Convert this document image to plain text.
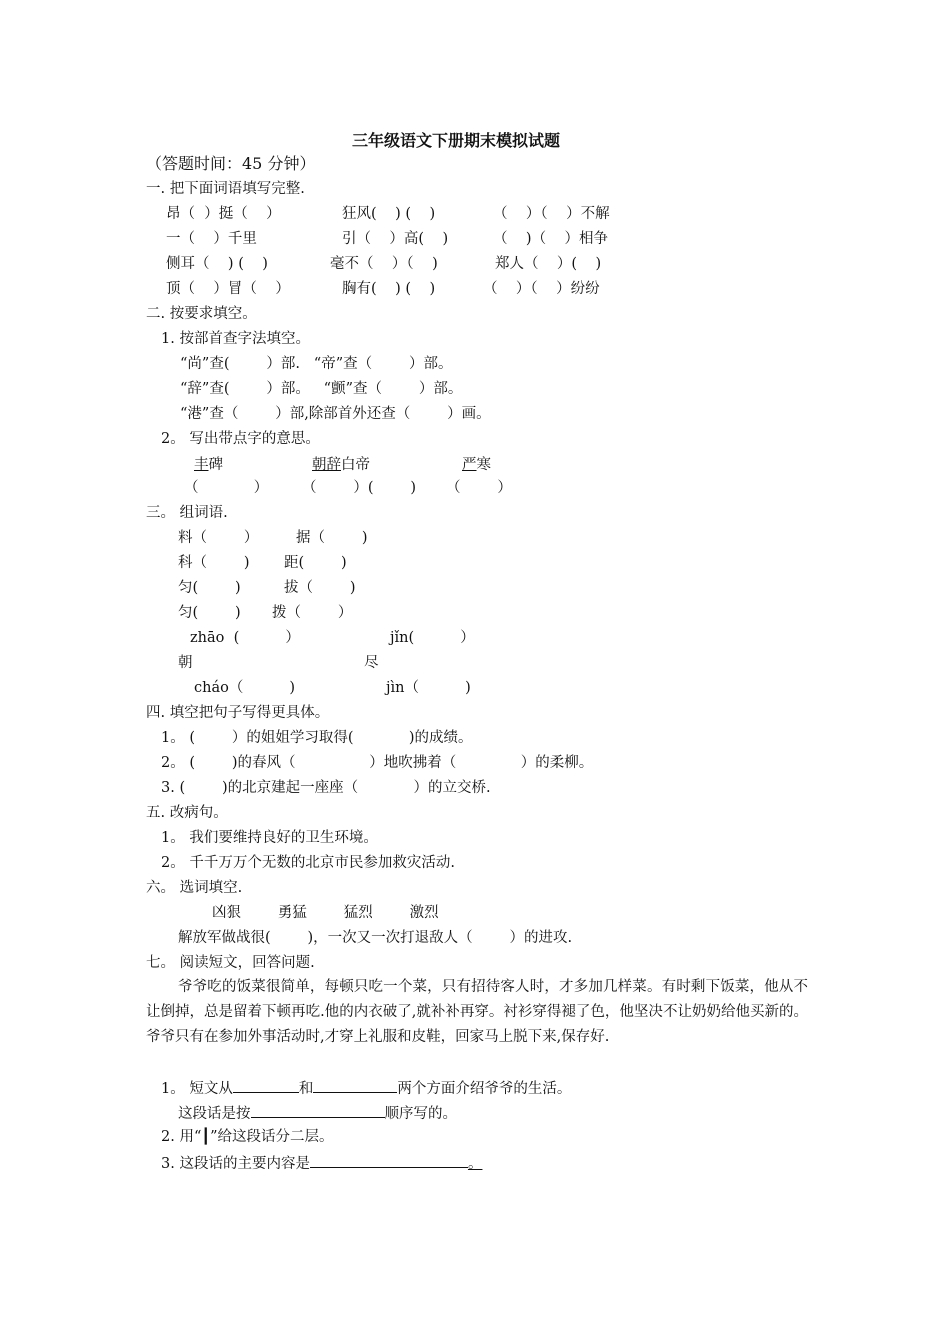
三年级语文下册期末模拟试题
（答题时间：45 分钟）
一. 把下面词语填写完整.
昂（  ）挺（    ）	狂风(    ) (    )	（    ）（    ）不解
一（    ）千里	引（    ）高(    )	（    )（    ）相争
侧耳（    ) (    )	毫不（    ）（    )	郑人（    ）(    )
顶（    ）冒（    ）	胸有(    ) (    )	（    ）（    ）纷纷
二. 按要求填空。
1. 按部首查字法填空。
“尚”查(        ）部.   “帝”查（        ）部。
“辞”查(        ）部。   “颤”查（        ）部。
“港”查（        ）部,除部首外还查（        ）画。
2。 写出带点字的意思。
丰碑	朝辞白帝	严寒
（            ） （        ）(        ) （        ）
三。 组词语.
料（        ）	据（        )
科（        ) 距(        )
匀(        )	拔（        )
匀(        ) 拨（        ）
zhāo  (          ）	jǐn(          ）
朝	尽
cháo（          )	jìn（          )
四. 填空把句子写得更具体。
1。 (        ）的姐姐学习取得(            )的成绩。
2。 (        )的春风（                ）地吹拂着（              ）的柔柳。
3. (        )的北京建起一座座（            ）的立交桥.
五. 改病句。
1。 我们要维持良好的卫生环境。
2。 千千万万个无数的北京市民参加救灾活动.
六。 选词填空.
凶狠        勇猛        猛烈        激烈
解放军做战很(        )，一次又一次打退敌人（        ）的进攻.
七。 阅读短文，回答问题.
爷爷吃的饭菜很简单，每顿只吃一个菜，只有招待客人时，才多加几样菜。有时剩下饭菜，他从不让倒掉，总是留着下顿再吃.他的内衣破了,就补补再穿。衬衫穿得褪了色，他坚决不让奶奶给他买新的。爷爷只有在参加外事活动时,才穿上礼服和皮鞋，回家马上脱下来,保存好.
1。 短文从	和	两个方面介绍爷爷的生活。
这段话是按	顺序写的。
2. 用“┃”给这段话分二层。
3. 这段话的主要内容是	。
